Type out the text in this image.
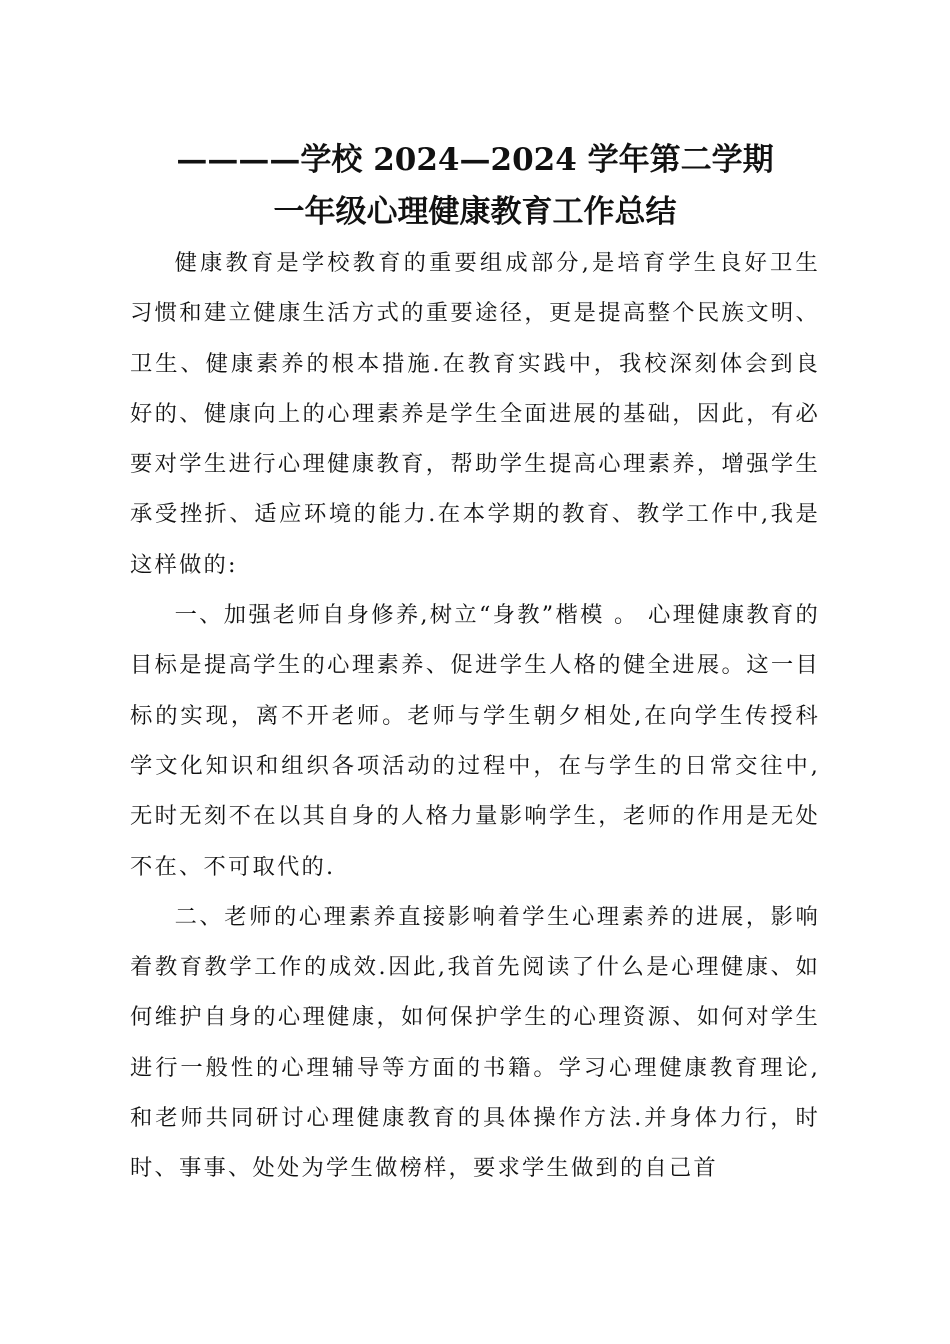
————学校 2024—2024 学年第二学期
一年级心理健康教育工作总结

健康教育是学校教育的重要组成部分,是培育学生良好卫生习惯和建立健康生活方式的重要途径，更是提高整个民族文明、卫生、健康素养的根本措施.在教育实践中，我校深刻体会到良好的、健康向上的心理素养是学生全面进展的基础，因此，有必要对学生进行心理健康教育，帮助学生提高心理素养，增强学生承受挫折、适应环境的能力.在本学期的教育、教学工作中,我是这样做的:

一、加强老师自身修养,树立“身教”楷模 。 心理健康教育的目标是提高学生的心理素养、促进学生人格的健全进展。这一目标的实现，离不开老师。老师与学生朝夕相处,在向学生传授科学文化知识和组织各项活动的过程中，在与学生的日常交往中,无时无刻不在以其自身的人格力量影响学生，老师的作用是无处不在、不可取代的.

二、老师的心理素养直接影响着学生心理素养的进展，影响着教育教学工作的成效.因此,我首先阅读了什么是心理健康、如何维护自身的心理健康，如何保护学生的心理资源、如何对学生进行一般性的心理辅导等方面的书籍。学习心理健康教育理论,和老师共同研讨心理健康教育的具体操作方法.并身体力行，时时、事事、处处为学生做榜样，要求学生做到的自己首
